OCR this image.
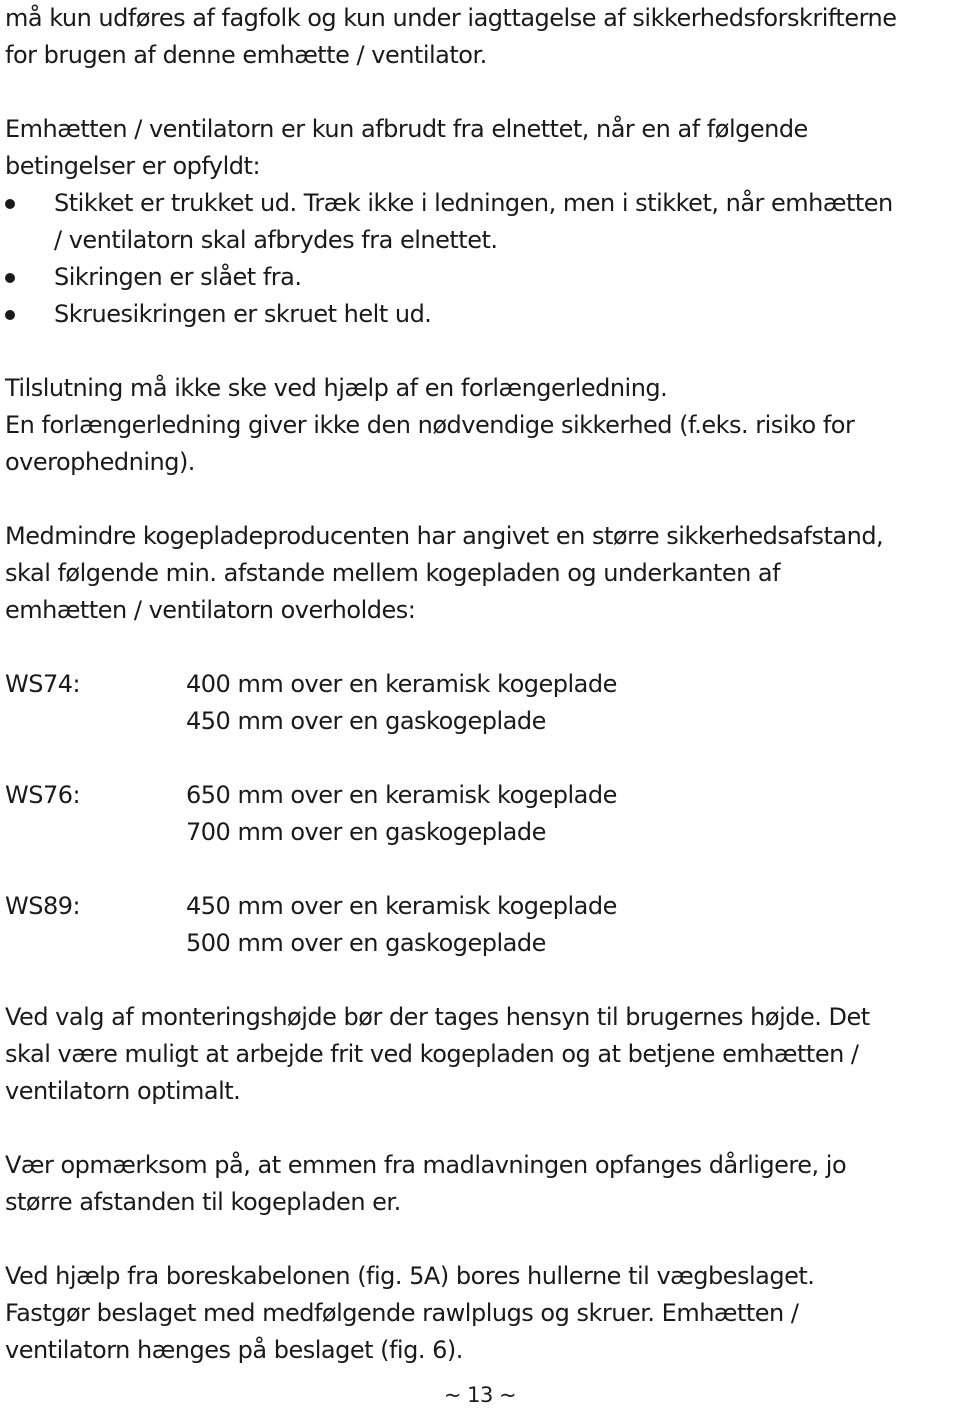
må kun udføres af fagfolk og kun under iagttagelse af sikkerhedsforskrifterne
for brugen af denne emhætte / ventilator.
Emhætten / ventilatorn er kun afbrudt fra elnettet, når en af følgende
betingelser er opfyldt:
Stikket er trukket ud. Træk ikke i ledningen, men i stikket, når emhætten
/ ventilatorn skal afbrydes fra elnettet.
Sikringen er slået fra.
Skruesikringen er skruet helt ud.
Tilslutning må ikke ske ved hjælp af en forlængerledning.
En forlængerledning giver ikke den nødvendige sikkerhed (f.eks. risiko for
overophedning).
Medmindre kogepladeproducenten har angivet en større sikkerhedsafstand,
skal følgende min. afstande mellem kogepladen og underkanten af
emhætten / ventilatorn overholdes:
WS74:	400 mm over en keramisk kogeplade
450 mm over en gaskogeplade
WS76:	650 mm over en keramisk kogeplade
700 mm over en gaskogeplade
WS89:	450 mm over en keramisk kogeplade
500 mm over en gaskogeplade
Ved valg af monteringshøjde bør der tages hensyn til brugernes højde. Det
skal være muligt at arbejde frit ved kogepladen og at betjene emhætten /
ventilatorn optimalt.
Vær opmærksom på, at emmen fra madlavningen opfanges dårligere, jo
større afstanden til kogepladen er.
Ved hjælp fra boreskabelonen (fig. 5A) bores hullerne til vægbeslaget.
Fastgør beslaget med medfølgende rawlplugs og skruer. Emhætten /
ventilatorn hænges på beslaget (fig. 6).
~ 13 ~
